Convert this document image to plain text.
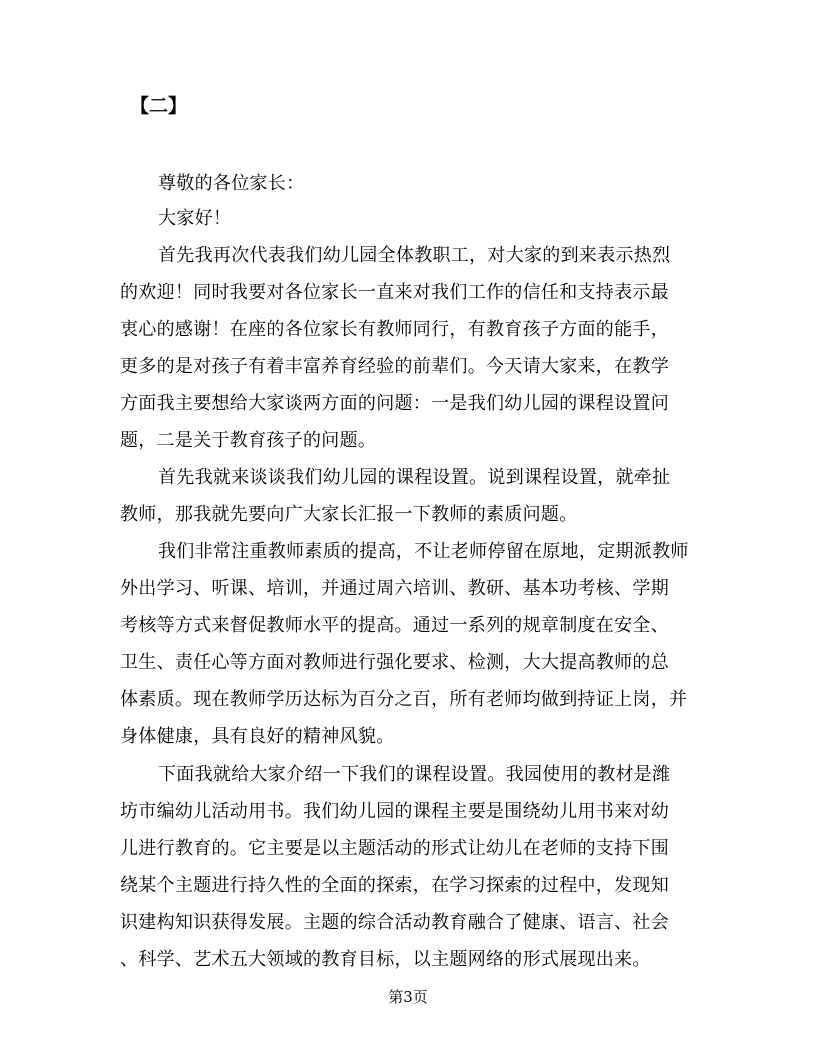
【二】

尊敬的各位家长：

大家好！

首先我再次代表我们幼儿园全体教职工，对大家的到来表示热烈

的欢迎！同时我要对各位家长一直来对我们工作的信任和支持表示最

衷心的感谢！在座的各位家长有教师同行，有教育孩子方面的能手，

更多的是对孩子有着丰富养育经验的前辈们。今天请大家来，在教学

方面我主要想给大家谈两方面的问题：一是我们幼儿园的课程设置问

题，二是关于教育孩子的问题。

首先我就来谈谈我们幼儿园的课程设置。说到课程设置，就牵扯

教师，那我就先要向广大家长汇报一下教师的素质问题。

我们非常注重教师素质的提高，不让老师停留在原地，定期派教师

外出学习、听课、培训，并通过周六培训、教研、基本功考核、学期

考核等方式来督促教师水平的提高。通过一系列的规章制度在安全、

卫生、责任心等方面对教师进行强化要求、检测，大大提高教师的总

体素质。现在教师学历达标为百分之百，所有老师均做到持证上岗，并

身体健康，具有良好的精神风貌。

下面我就给大家介绍一下我们的课程设置。我园使用的教材是潍

坊市编幼儿活动用书。我们幼儿园的课程主要是围绕幼儿用书来对幼

儿进行教育的。它主要是以主题活动的形式让幼儿在老师的支持下围

绕某个主题进行持久性的全面的探索，在学习探索的过程中，发现知

识建构知识获得发展。主题的综合活动教育融合了健康、语言、社会

、科学、艺术五大领域的教育目标，以主题网络的形式展现出来。

第3页
